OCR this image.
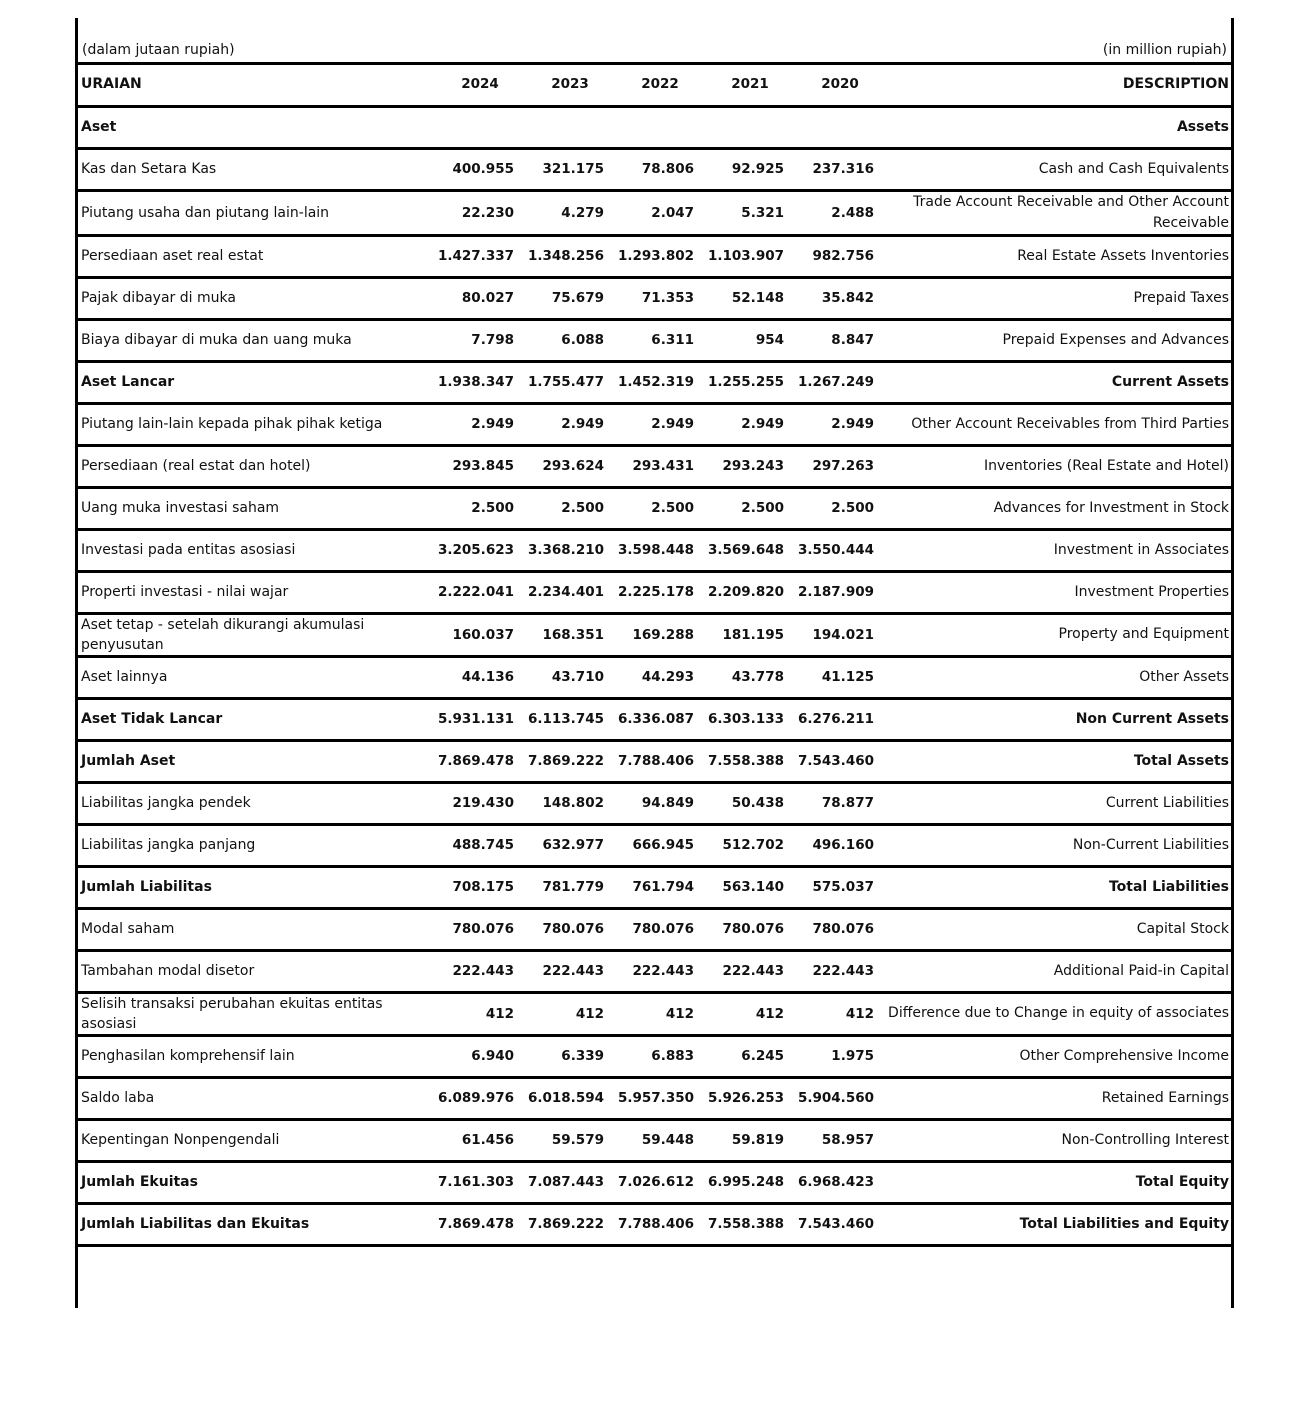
(dalam jutaan rupiah)	(in million rupiah)
URAIAN	2024	2023	2022	2021	2020	DESCRIPTION
Aset						Assets
Kas dan Setara Kas	400.955	321.175	78.806	92.925	237.316	Cash and Cash Equivalents
Piutang usaha dan piutang lain-lain	22.230	4.279	2.047	5.321	2.488	Trade Account Receivable and Other Account Receivable
Persediaan aset real estat	1.427.337	1.348.256	1.293.802	1.103.907	982.756	Real Estate Assets Inventories
Pajak dibayar di muka	80.027	75.679	71.353	52.148	35.842	Prepaid Taxes
Biaya dibayar di muka dan uang muka	7.798	6.088	6.311	954	8.847	Prepaid Expenses and Advances
Aset Lancar	1.938.347	1.755.477	1.452.319	1.255.255	1.267.249	Current Assets
Piutang lain-lain kepada pihak pihak ketiga	2.949	2.949	2.949	2.949	2.949	Other Account Receivables from Third Parties
Persediaan (real estat dan hotel)	293.845	293.624	293.431	293.243	297.263	Inventories (Real Estate and Hotel)
Uang muka investasi saham	2.500	2.500	2.500	2.500	2.500	Advances for Investment in Stock
Investasi pada entitas asosiasi	3.205.623	3.368.210	3.598.448	3.569.648	3.550.444	Investment in Associates
Properti investasi - nilai wajar	2.222.041	2.234.401	2.225.178	2.209.820	2.187.909	Investment Properties
Aset tetap - setelah dikurangi akumulasi penyusutan	160.037	168.351	169.288	181.195	194.021	Property and Equipment
Aset lainnya	44.136	43.710	44.293	43.778	41.125	Other Assets
Aset Tidak Lancar	5.931.131	6.113.745	6.336.087	6.303.133	6.276.211	Non Current Assets
Jumlah Aset	7.869.478	7.869.222	7.788.406	7.558.388	7.543.460	Total Assets
Liabilitas jangka pendek	219.430	148.802	94.849	50.438	78.877	Current Liabilities
Liabilitas jangka panjang	488.745	632.977	666.945	512.702	496.160	Non-Current Liabilities
Jumlah Liabilitas	708.175	781.779	761.794	563.140	575.037	Total Liabilities
Modal saham	780.076	780.076	780.076	780.076	780.076	Capital Stock
Tambahan modal disetor	222.443	222.443	222.443	222.443	222.443	Additional Paid-in Capital
Selisih transaksi perubahan ekuitas entitas asosiasi	412	412	412	412	412	Difference due to Change in equity of associates
Penghasilan komprehensif lain	6.940	6.339	6.883	6.245	1.975	Other Comprehensive Income
Saldo laba	6.089.976	6.018.594	5.957.350	5.926.253	5.904.560	Retained Earnings
Kepentingan Nonpengendali	61.456	59.579	59.448	59.819	58.957	Non-Controlling Interest
Jumlah Ekuitas	7.161.303	7.087.443	7.026.612	6.995.248	6.968.423	Total Equity
Jumlah Liabilitas dan Ekuitas	7.869.478	7.869.222	7.788.406	7.558.388	7.543.460	Total Liabilities and Equity
